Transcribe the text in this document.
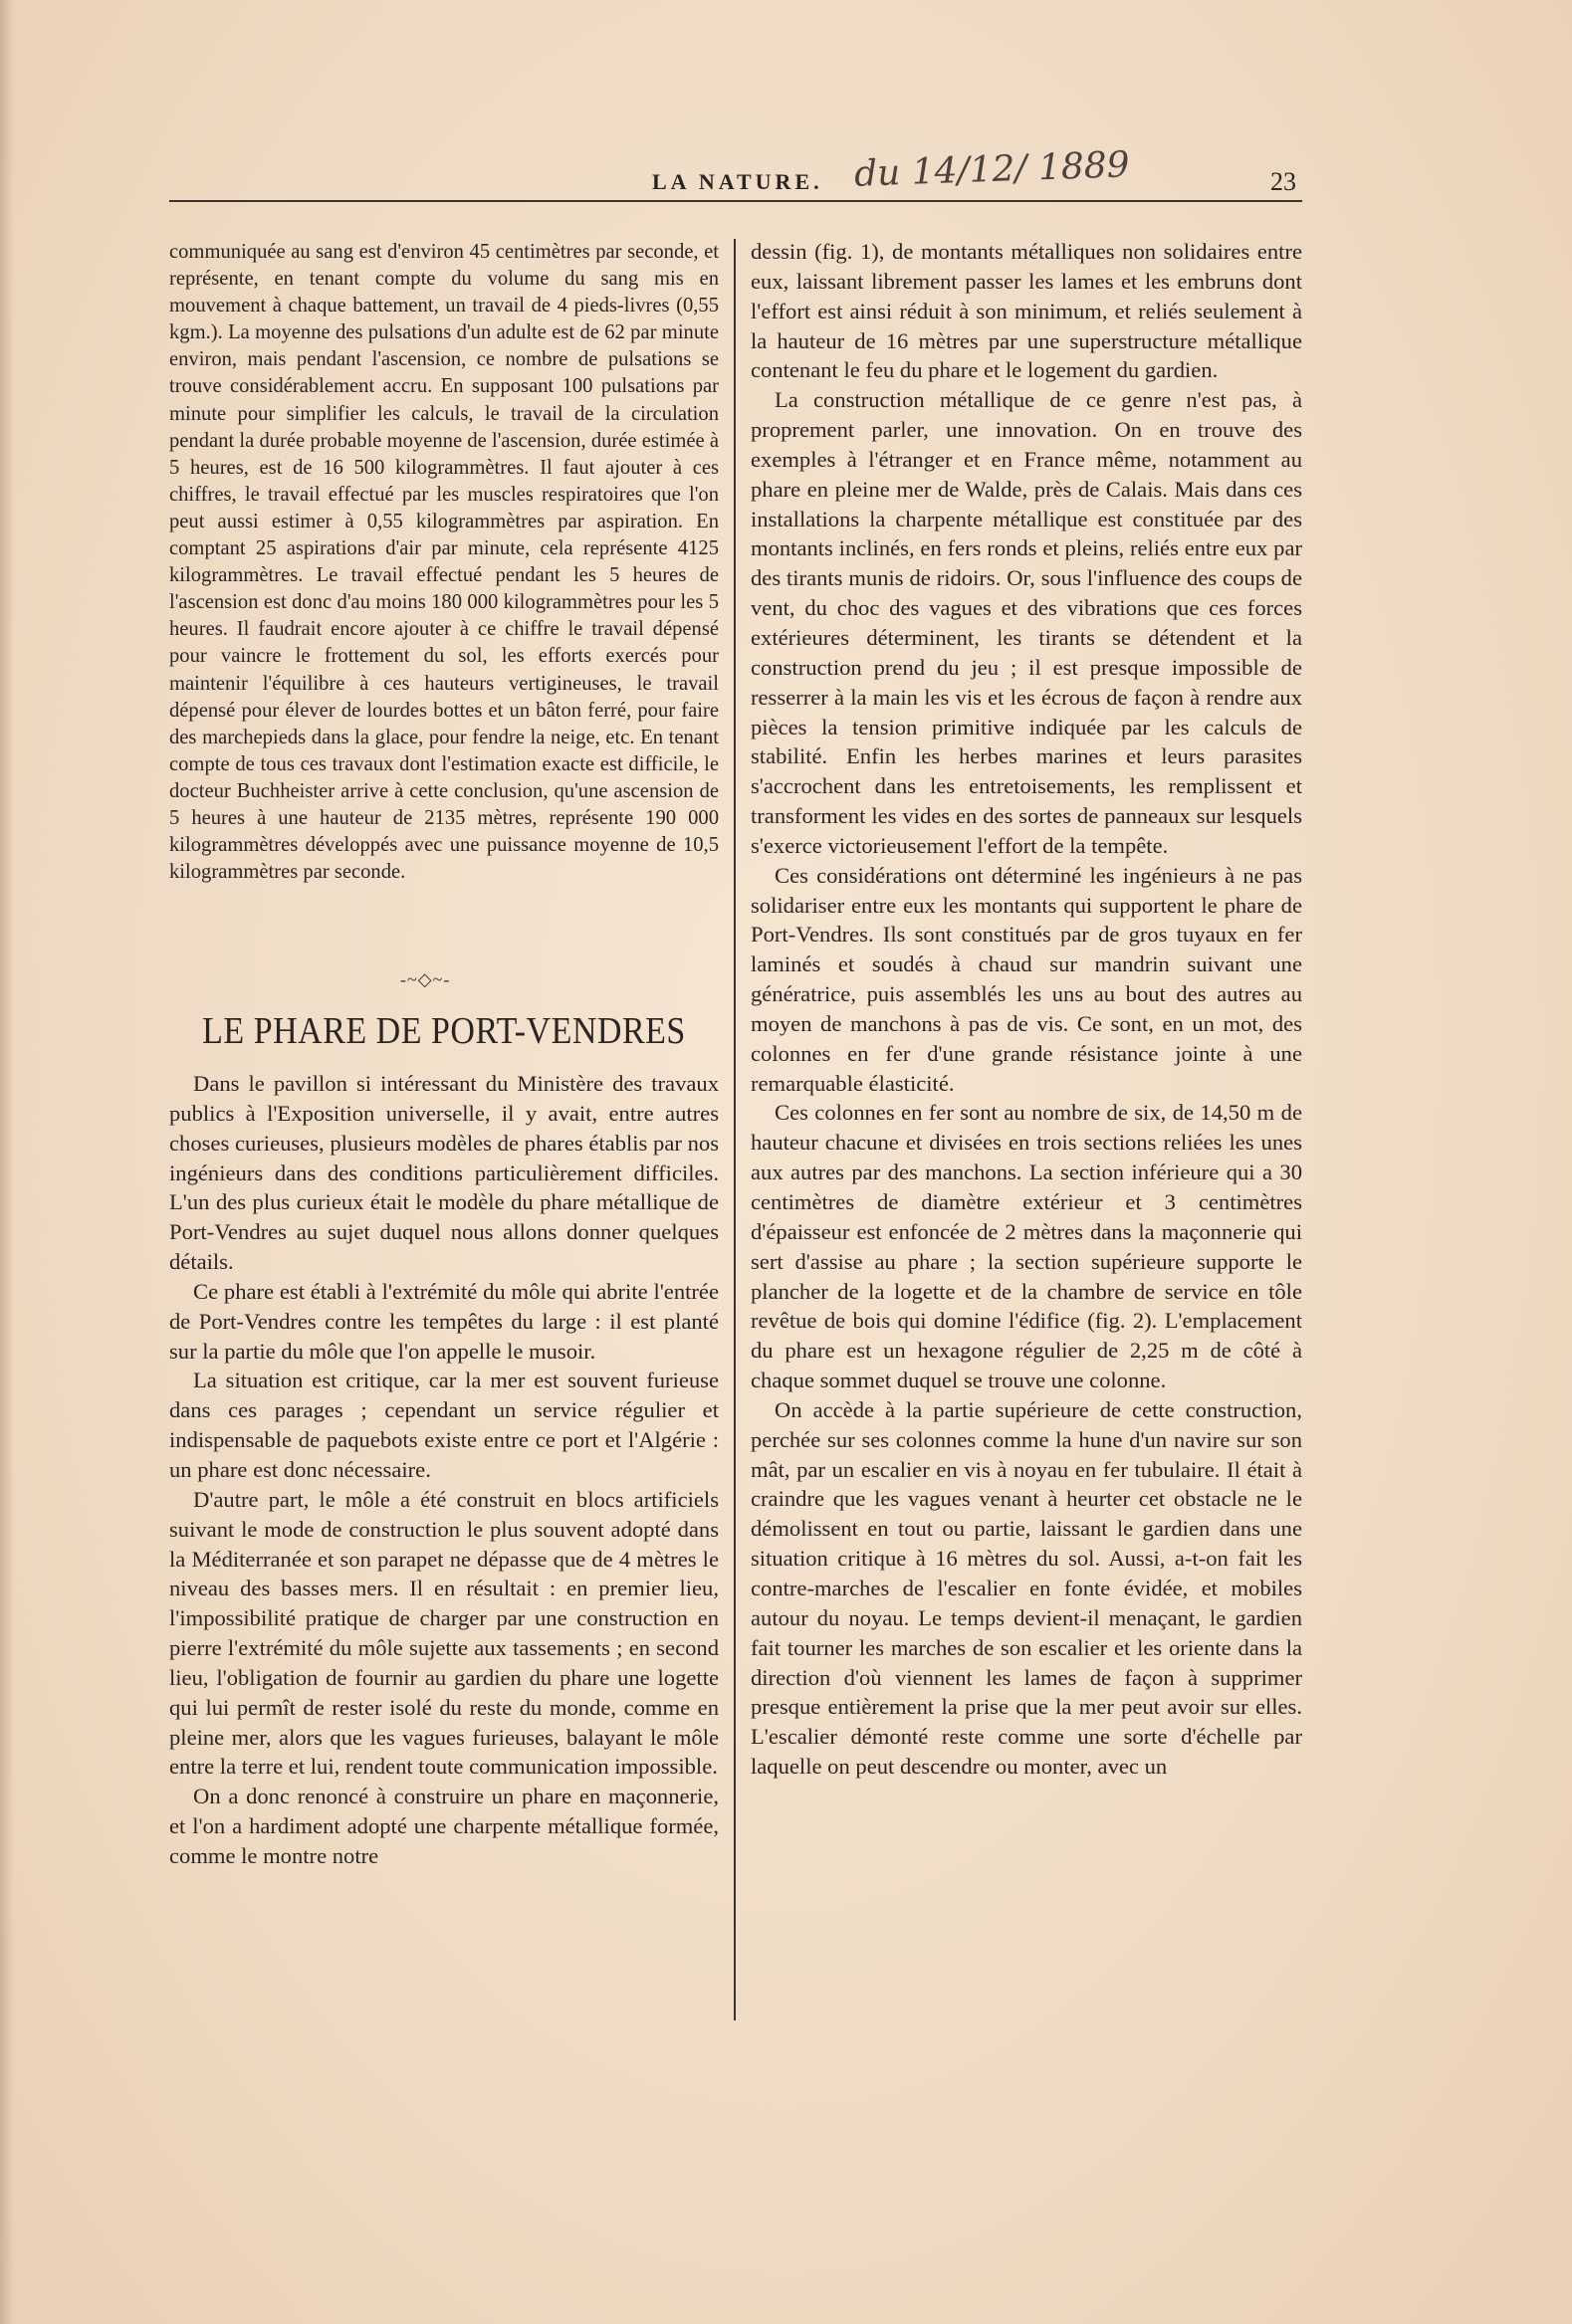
LA NATURE. du 14/12/ 1889	23

communiquée au sang est d'environ 45 centimètres par seconde, et représente, en tenant compte du volume du sang mis en mouvement à chaque battement, un travail de 4 pieds-livres (0,55 kgm.). La moyenne des pulsations d'un adulte est de 62 par minute environ, mais pendant l'ascension, ce nombre de pulsations se trouve considérablement accru. En supposant 100 pulsations par minute pour simplifier les calculs, le travail de la circulation pendant la durée probable moyenne de l'ascension, durée estimée à 5 heures, est de 16 500 kilogrammètres. Il faut ajouter à ces chiffres, le travail effectué par les muscles respiratoires que l'on peut aussi estimer à 0,55 kilogrammètres par aspiration. En comptant 25 aspirations d'air par minute, cela représente 4125 kilogrammètres. Le travail effectué pendant les 5 heures de l'ascension est donc d'au moins 180 000 kilogrammètres pour les 5 heures. Il faudrait encore ajouter à ce chiffre le travail dépensé pour vaincre le frottement du sol, les efforts exercés pour maintenir l'équilibre à ces hauteurs vertigineuses, le travail dépensé pour élever de lourdes bottes et un bâton ferré, pour faire des marchepieds dans la glace, pour fendre la neige, etc. En tenant compte de tous ces travaux dont l'estimation exacte est difficile, le docteur Buchheister arrive à cette conclusion, qu'une ascension de 5 heures à une hauteur de 2135 mètres, représente 190 000 kilogrammètres développés avec une puissance moyenne de 10,5 kilogrammètres par seconde.

-~◇~-
LE PHARE DE PORT-VENDRES

Dans le pavillon si intéressant du Ministère des travaux publics à l'Exposition universelle, il y avait, entre autres choses curieuses, plusieurs modèles de phares établis par nos ingénieurs dans des conditions particulièrement difficiles. L'un des plus curieux était le modèle du phare métallique de Port-Vendres au sujet duquel nous allons donner quelques détails.

Ce phare est établi à l'extrémité du môle qui abrite l'entrée de Port-Vendres contre les tempêtes du large : il est planté sur la partie du môle que l'on appelle le musoir.

La situation est critique, car la mer est souvent furieuse dans ces parages ; cependant un service régulier et indispensable de paquebots existe entre ce port et l'Algérie : un phare est donc nécessaire.

D'autre part, le môle a été construit en blocs artificiels suivant le mode de construction le plus souvent adopté dans la Méditerranée et son parapet ne dépasse que de 4 mètres le niveau des basses mers. Il en résultait : en premier lieu, l'impossibilité pratique de charger par une construction en pierre l'extrémité du môle sujette aux tassements ; en second lieu, l'obligation de fournir au gardien du phare une logette qui lui permît de rester isolé du reste du monde, comme en pleine mer, alors que les vagues furieuses, balayant le môle entre la terre et lui, rendent toute communication impossible.

On a donc renoncé à construire un phare en maçonnerie, et l'on a hardiment adopté une charpente métallique formée, comme le montre notre

dessin (fig. 1), de montants métalliques non solidaires entre eux, laissant librement passer les lames et les embruns dont l'effort est ainsi réduit à son minimum, et reliés seulement à la hauteur de 16 mètres par une superstructure métallique contenant le feu du phare et le logement du gardien.

La construction métallique de ce genre n'est pas, à proprement parler, une innovation. On en trouve des exemples à l'étranger et en France même, notamment au phare en pleine mer de Walde, près de Calais. Mais dans ces installations la charpente métallique est constituée par des montants inclinés, en fers ronds et pleins, reliés entre eux par des tirants munis de ridoirs. Or, sous l'influence des coups de vent, du choc des vagues et des vibrations que ces forces extérieures déterminent, les tirants se détendent et la construction prend du jeu ; il est presque impossible de resserrer à la main les vis et les écrous de façon à rendre aux pièces la tension primitive indiquée par les calculs de stabilité. Enfin les herbes marines et leurs parasites s'accrochent dans les entretoisements, les remplissent et transforment les vides en des sortes de panneaux sur lesquels s'exerce victorieusement l'effort de la tempête.

Ces considérations ont déterminé les ingénieurs à ne pas solidariser entre eux les montants qui supportent le phare de Port-Vendres. Ils sont constitués par de gros tuyaux en fer laminés et soudés à chaud sur mandrin suivant une génératrice, puis assemblés les uns au bout des autres au moyen de manchons à pas de vis. Ce sont, en un mot, des colonnes en fer d'une grande résistance jointe à une remarquable élasticité.

Ces colonnes en fer sont au nombre de six, de 14,50 m de hauteur chacune et divisées en trois sections reliées les unes aux autres par des manchons. La section inférieure qui a 30 centimètres de diamètre extérieur et 3 centimètres d'épaisseur est enfoncée de 2 mètres dans la maçonnerie qui sert d'assise au phare ; la section supérieure supporte le plancher de la logette et de la chambre de service en tôle revêtue de bois qui domine l'édifice (fig. 2). L'emplacement du phare est un hexagone régulier de 2,25 m de côté à chaque sommet duquel se trouve une colonne.

On accède à la partie supérieure de cette construction, perchée sur ses colonnes comme la hune d'un navire sur son mât, par un escalier en vis à noyau en fer tubulaire. Il était à craindre que les vagues venant à heurter cet obstacle ne le démolissent en tout ou partie, laissant le gardien dans une situation critique à 16 mètres du sol. Aussi, a-t-on fait les contre-marches de l'escalier en fonte évidée, et mobiles autour du noyau. Le temps devient-il menaçant, le gardien fait tourner les marches de son escalier et les oriente dans la direction d'où viennent les lames de façon à supprimer presque entièrement la prise que la mer peut avoir sur elles. L'escalier démonté reste comme une sorte d'échelle par laquelle on peut descendre ou monter, avec un
